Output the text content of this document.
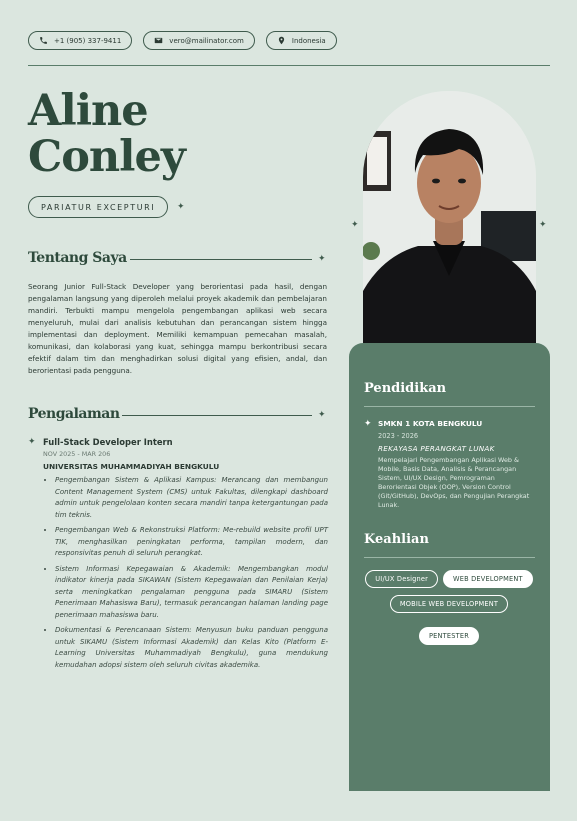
+1 (905) 337-9411	vero@mailinator.com	Indonesia
Aline
Conley
PARIATUR EXCEPTURI	✦
✦	✦
Tentang Saya	✦

Seorang Junior Full-Stack Developer yang berorientasi pada hasil, dengan pengalaman langsung yang diperoleh melalui proyek akademik dan pembelajaran mandiri. Terbukti mampu mengelola pengembangan aplikasi web secara menyeluruh, mulai dari analisis kebutuhan dan perancangan sistem hingga implementasi dan deployment. Memiliki kemampuan pemecahan masalah, komunikasi, dan kolaborasi yang kuat, sehingga mampu berkontribusi secara efektif dalam tim dan menghadirkan solusi digital yang efisien, andal, dan berorientasi pada pengguna.

Pengalaman	✦
✦ Full-Stack Developer Intern
NOV 2025 - MAR 206
UNIVERSITAS MUHAMMADIYAH BENGKULU
• Pengembangan Sistem & Aplikasi Kampus: Merancang dan membangun Content Management System (CMS) untuk Fakultas, dilengkapi dashboard admin untuk pengelolaan konten secara mandiri tanpa ketergantungan pada tim teknis.
• Pengembangan Web & Rekonstruksi Platform: Me-rebuild website profil UPT TIK, menghasilkan peningkatan performa, tampilan modern, dan responsivitas penuh di seluruh perangkat.
• Sistem Informasi Kepegawaian & Akademik: Mengembangkan modul indikator kinerja pada SIKAWAN (Sistem Kepegawaian dan Penilaian Kerja) serta meningkatkan pengalaman pengguna pada SIMARU (Sistem Penerimaan Mahasiswa Baru), termasuk perancangan halaman landing page penerimaan mahasiswa baru.
• Dokumentasi & Perencanaan Sistem: Menyusun buku panduan pengguna untuk SIKAMU (Sistem Informasi Akademik) dan Kelas Kito (Platform E-Learning Universitas Muhammadiyah Bengkulu), guna mendukung kemudahan adopsi sistem oleh seluruh civitas akademika.
Pendidikan
✦ SMKN 1 KOTA BENGKULU
2023 - 2026
REKAYASA PERANGKAT LUNAK
Mempelajari Pengembangan Aplikasi Web & Mobile, Basis Data, Analisis & Perancangan Sistem, UI/UX Design, Pemrograman Berorientasi Objek (OOP), Version Control (Git/GitHub), DevOps, dan Pengujian Perangkat Lunak.
Keahlian
UI/UX Designer	WEB DEVELOPMENT
MOBILE WEB DEVELOPMENT
PENTESTER
